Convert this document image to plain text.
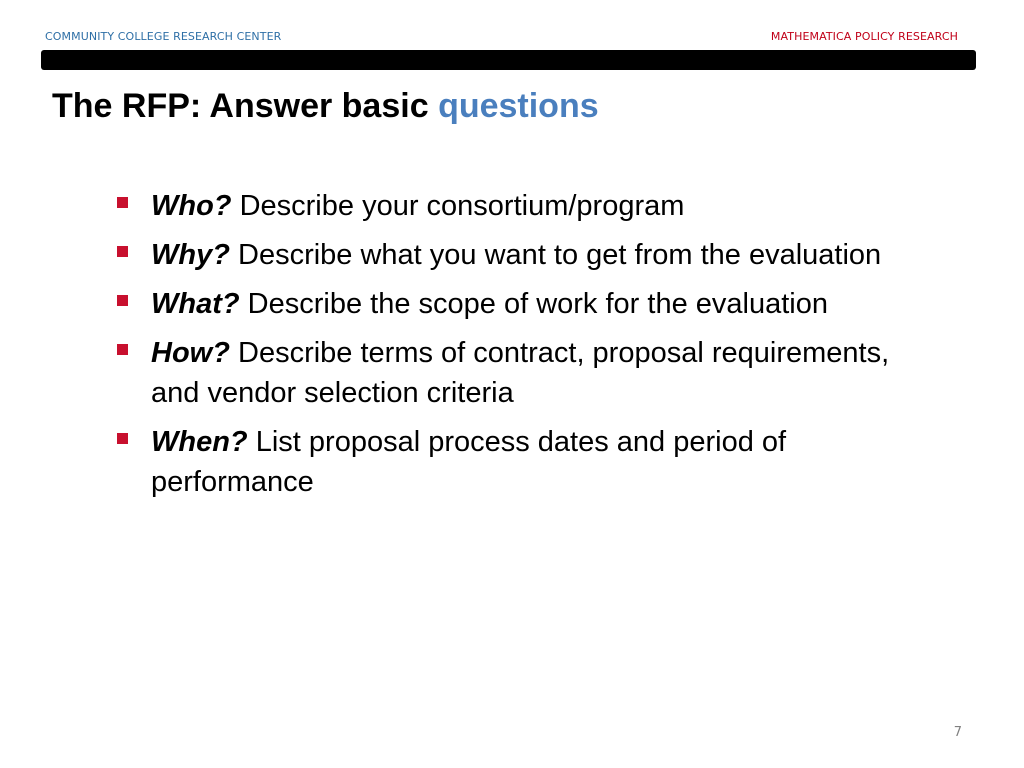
COMMUNITY COLLEGE RESEARCH CENTER	MATHEMATICA POLICY RESEARCH
The RFP: Answer basic questions
Who? Describe your consortium/program
Why? Describe what you want to get from the evaluation
What? Describe the scope of work for the evaluation
How? Describe terms of contract, proposal requirements, and vendor selection criteria
When? List proposal process dates and period of performance
7
